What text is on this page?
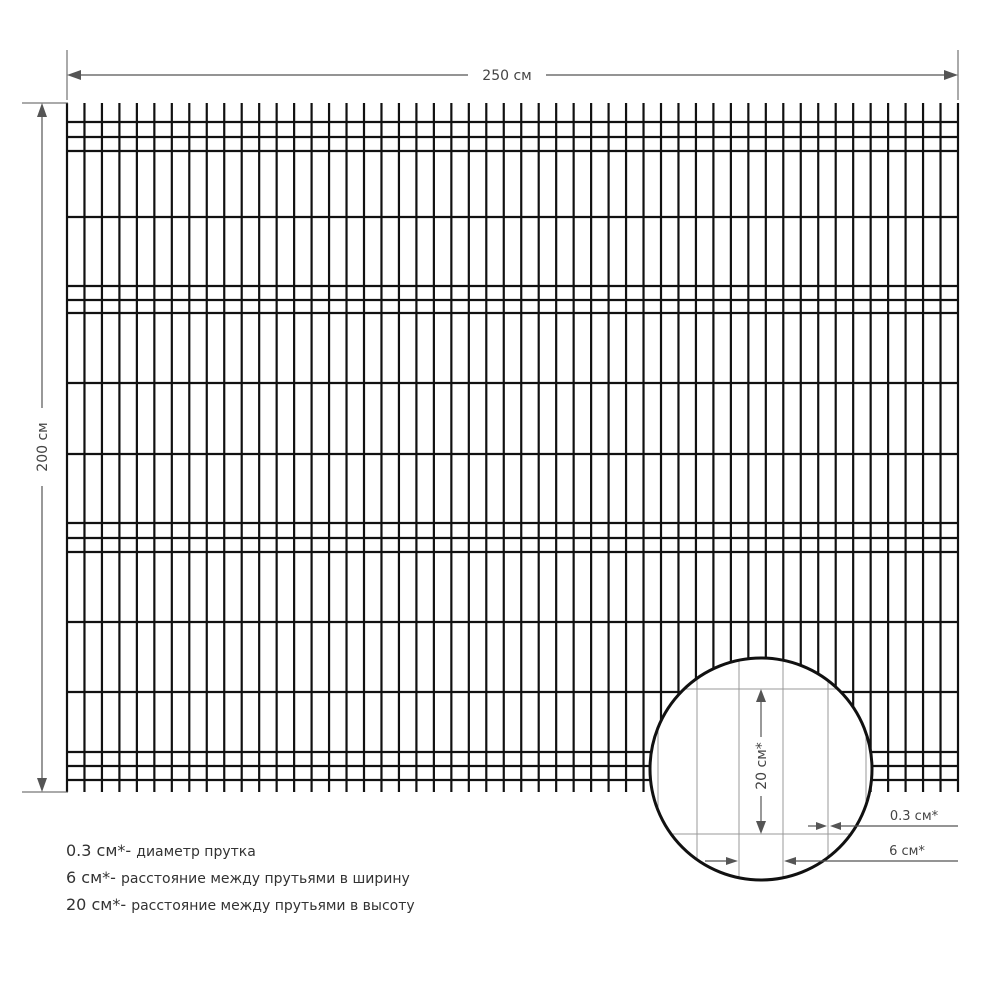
250 см
200 см
20 см*
0.3 см*
6 см*
0.3 см*- диаметр прутка
6 см*- расстояние между прутьями в ширину
20 см*- расстояние между прутьями в высоту
